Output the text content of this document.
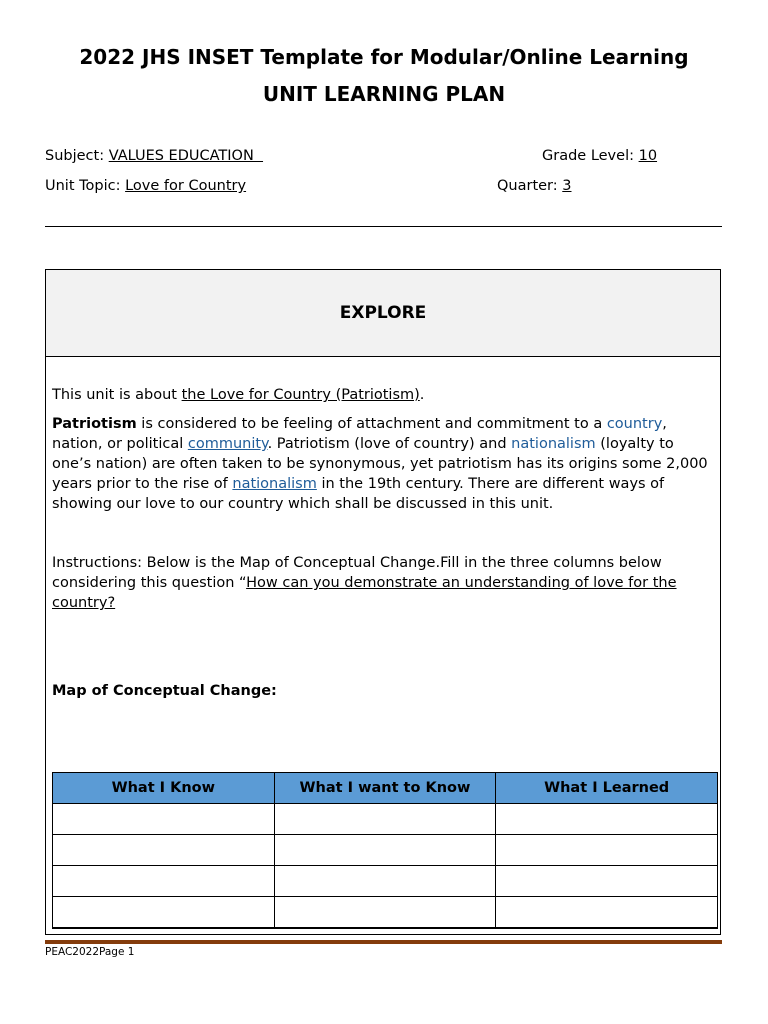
2022 JHS INSET Template for Modular/Online Learning
UNIT LEARNING PLAN
Subject: VALUES EDUCATION	Grade Level: 10
Unit Topic: Love for Country	Quarter: 3
EXPLORE
This unit is about the Love for Country (Patriotism).
Patriotism is considered to be feeling of attachment and commitment to a country, nation, or political community. Patriotism (love of country) and nationalism (loyalty to one’s nation) are often taken to be synonymous, yet patriotism has its origins some 2,000 years prior to the rise of nationalism in the 19th century. There are different ways of showing our love to our country which shall be discussed in this unit.
Instructions: Below is the Map of Conceptual Change.Fill in the three columns below considering this question “How can you demonstrate an understanding of love for the country?
Map of Conceptual Change:
What I Know	What I want to Know	What I Learned

PEAC2022Page 1
